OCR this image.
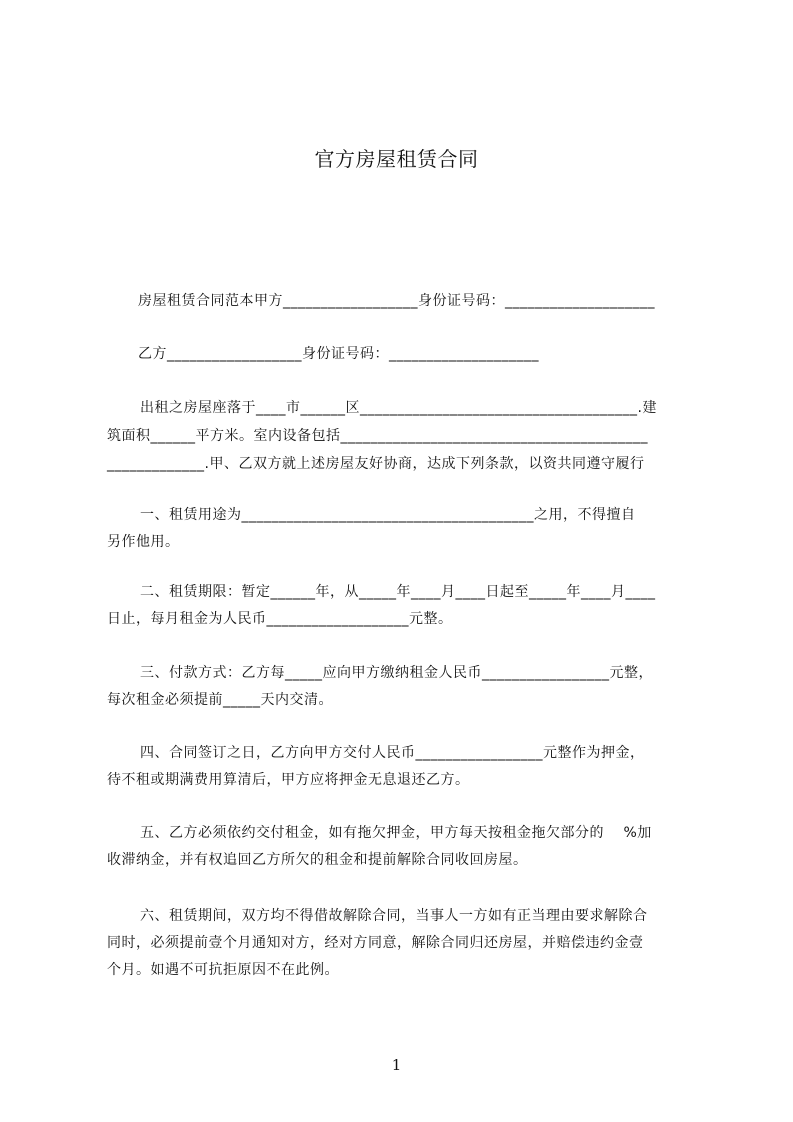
官方房屋租赁合同
房屋租赁合同范本甲方__________________身份证号码：____________________
乙方__________________身份证号码：____________________
出租之房屋座落于____市______区_____________________________________.建
筑面积______平方米。室内设备包括_________________________________________
_____________.甲、乙双方就上述房屋友好协商，达成下列条款，以资共同遵守履行
一、租赁用途为_______________________________________之用，不得擅自
另作他用。
二、租赁期限：暂定______年，从_____年____月____日起至_____年____月____
日止，每月租金为人民币___________________元整。
三、付款方式：乙方每_____应向甲方缴纳租金人民币_________________元整，
每次租金必须提前_____天内交清。
四、合同签订之日，乙方向甲方交付人民币_________________元整作为押金，
待不租或期满费用算清后，甲方应将押金无息退还乙方。
五、乙方必须依约交付租金，如有拖欠押金，甲方每天按租金拖欠部分的　 %加
收滞纳金，并有权追回乙方所欠的租金和提前解除合同收回房屋。
六、租赁期间，双方均不得借故解除合同，当事人一方如有正当理由要求解除合
同时，必须提前壹个月通知对方，经对方同意，解除合同归还房屋，并赔偿违约金壹
个月。如遇不可抗拒原因不在此例。
1
